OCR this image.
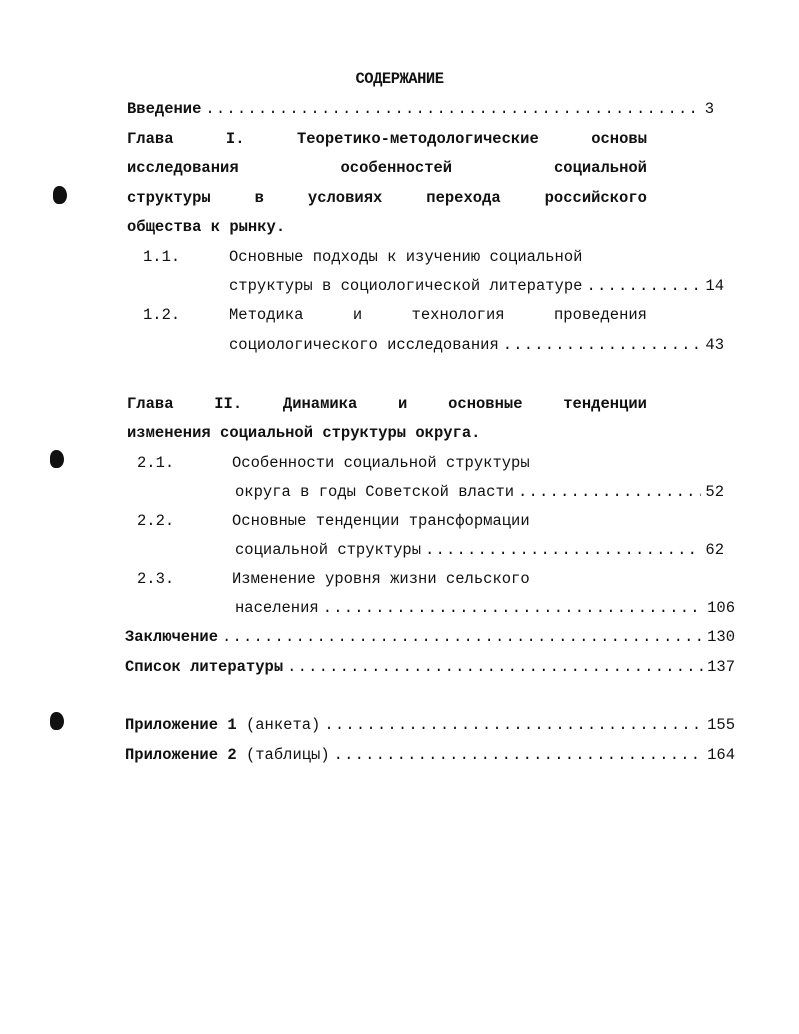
СОДЕРЖАНИЕ
Введение .....	3
Глава	I.	Теоретико-методологические	основы
исследования	особенностей	социальной
структуры	в	условиях	перехода	российского
общества к рынку.
1.1.	Основные подходы к изучению социальной
структуры в социологической литературе .....	14
1.2.	Методика	и	технология	проведения
социологического исследования .....	43
Глава	II.	Динамика	и	основные	тенденции
изменения социальной структуры округа.
2.1.	Особенности социальной структуры
округа в годы Советской власти .....	52
2.2.	Основные тенденции трансформации
социальной структуры .....	62
2.3.	Изменение уровня жизни сельского
населения .....	106
Заключение .....	130
Список литературы .....	137
Приложение 1 (анкета) .....	155
Приложение 2 (таблицы) .....	164
